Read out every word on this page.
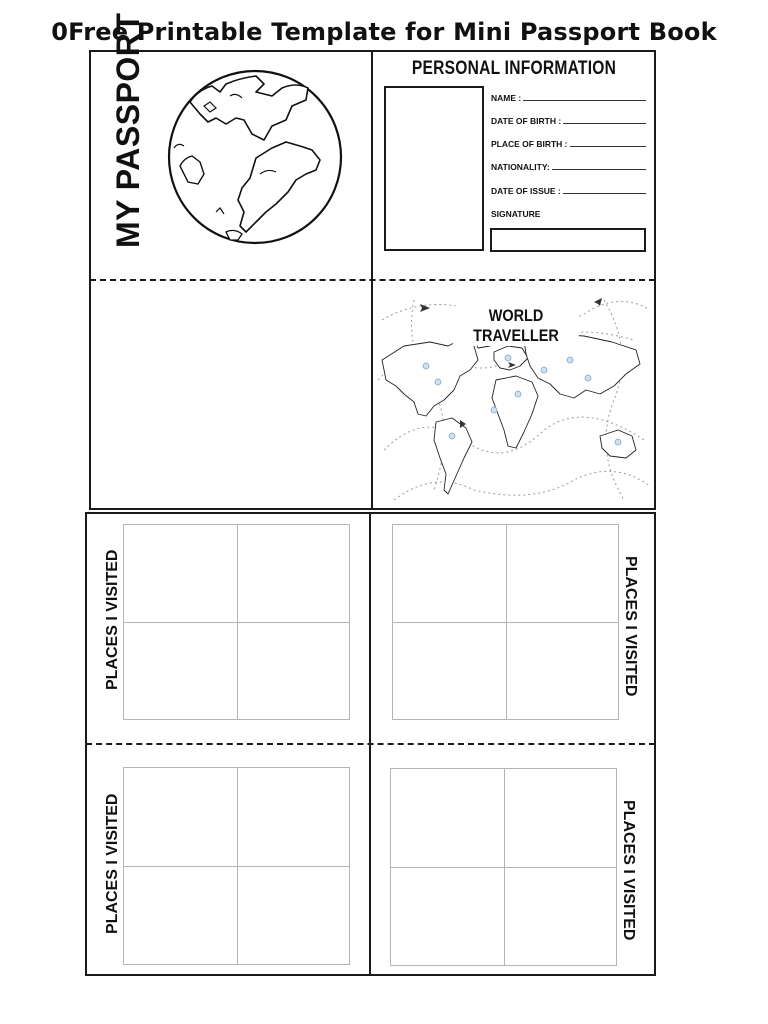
0Free Printable Template for Mini Passport Book
MY PASSPORT	PERSONAL INFORMATION
NAME :
DATE OF BIRTH :
PLACE OF BIRTH :
NATIONALITY:
DATE OF ISSUE :
SIGNATURE
WORLD TRAVELLER
PLACES I VISITED	PLACES I VISITED
PLACES I VISITED	PLACES I VISITED
